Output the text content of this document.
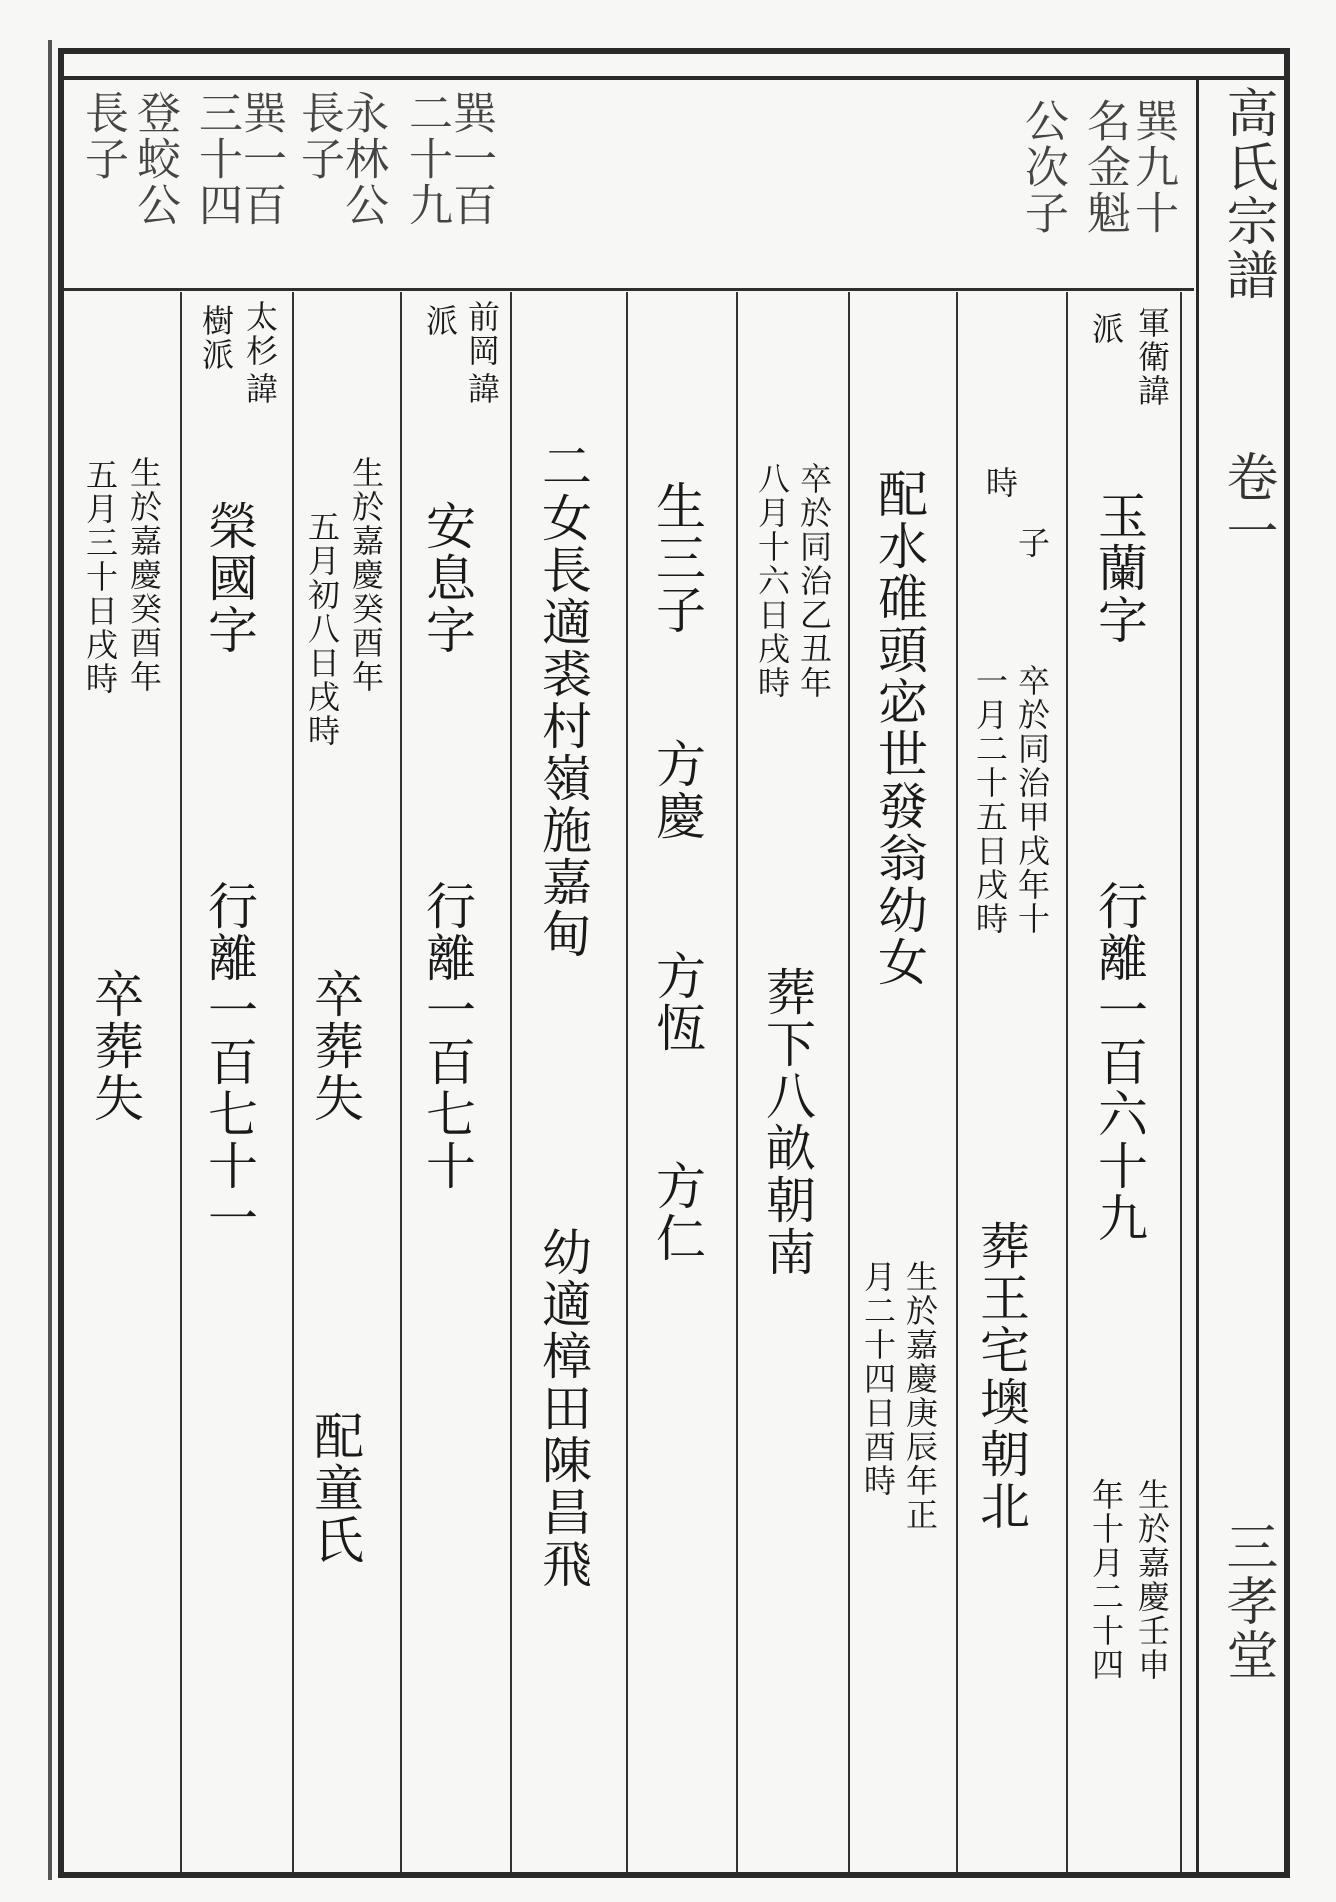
高氏宗譜
卷一
三孝堂
巽九十
名金魁
公次子
巽一百
二十九
永林公
長子
巽一百
三十四
登蛟公
長子
派 軍衛諱
玉蘭字
行離一百六十九
生於嘉慶壬申
年十月二十四
時
子
卒於同治甲戌年十
一月二十五日戌時
葬王宅墺朝北
配水碓頭宓世發翁幼女
生於嘉慶庚辰年正
月二十四日酉時
卒於同治乙丑年
八月十六日戌時
葬下八畝朝南
生三子
方慶
方恆
方仁
二女長適裘村嶺施嘉甸
幼適樟田陳昌飛
前岡
派
諱
安息字
行離一百七十
生於嘉慶癸酉年
五月初八日戌時
卒葬失
配童氏
太杉
樹派
諱
榮國字
行離一百七十一
生於嘉慶癸酉年
五月三十日戌時
卒葬失
